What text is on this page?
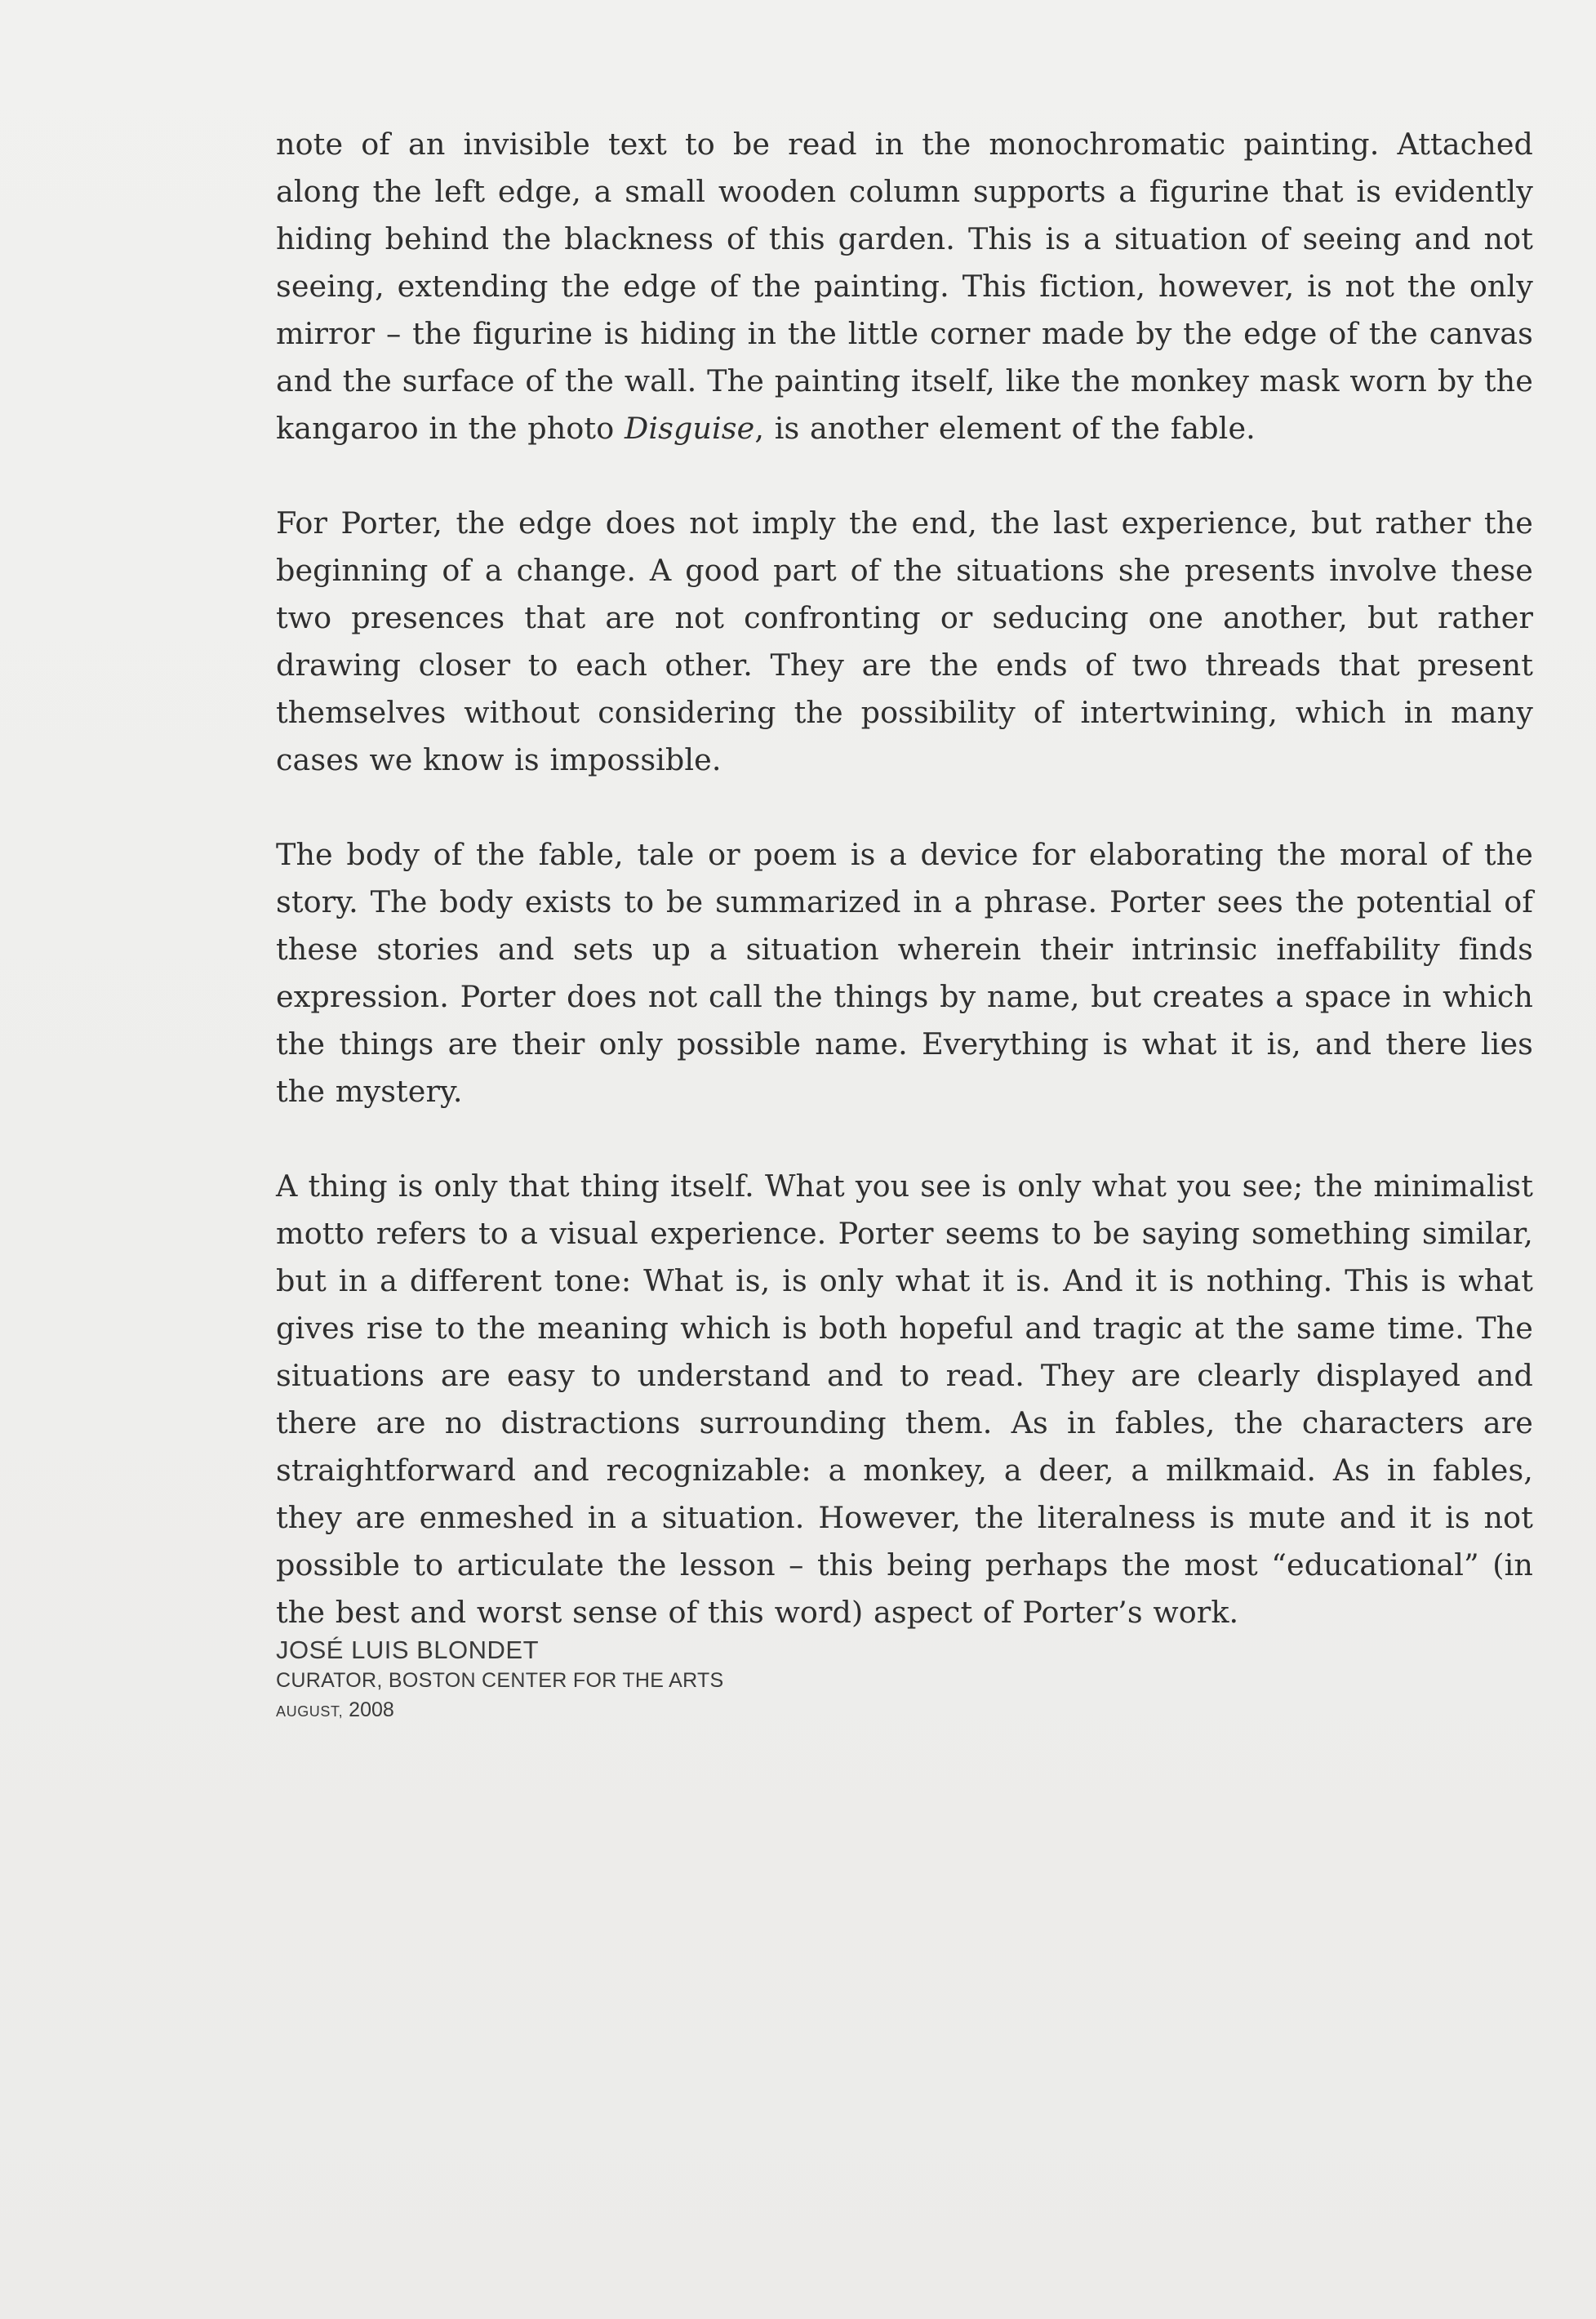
note of an invisible text to be read in the monochromatic painting. Attached along the left edge, a small wooden column supports a figurine that is evidently hiding behind the blackness of this garden. This is a situation of seeing and not seeing, extending the edge of the painting. This fiction, however, is not the only mirror – the figurine is hiding in the little corner made by the edge of the canvas and the surface of the wall. The painting itself, like the monkey mask worn by the kangaroo in the photo Disguise, is another element of the fable.

For Porter, the edge does not imply the end, the last experience, but rather the beginning of a change. A good part of the situations she presents involve these two presences that are not confronting or seducing one another, but rather drawing closer to each other. They are the ends of two threads that present themselves without considering the possibility of intertwining, which in many cases we know is impossible.

The body of the fable, tale or poem is a device for elaborating the moral of the story. The body exists to be summarized in a phrase. Porter sees the potential of these stories and sets up a situation wherein their intrinsic ineffability finds expression. Porter does not call the things by name, but creates a space in which the things are their only possible name. Everything is what it is, and there lies the mystery.

A thing is only that thing itself. What you see is only what you see; the minimalist motto refers to a visual experience. Porter seems to be saying something similar, but in a different tone: What is, is only what it is. And it is nothing. This is what gives rise to the meaning which is both hopeful and tragic at the same time. The situations are easy to understand and to read. They are clearly displayed and there are no distractions surrounding them. As in fables, the characters are straightforward and recognizable: a monkey, a deer, a milkmaid. As in fables, they are enmeshed in a situation. However, the literalness is mute and it is not possible to articulate the lesson – this being perhaps the most “educational” (in the best and worst sense of this word) aspect of Porter’s work.

JOSÉ LUIS BLONDET
CURATOR, BOSTON CENTER FOR THE ARTS
AUGUST, 2008
